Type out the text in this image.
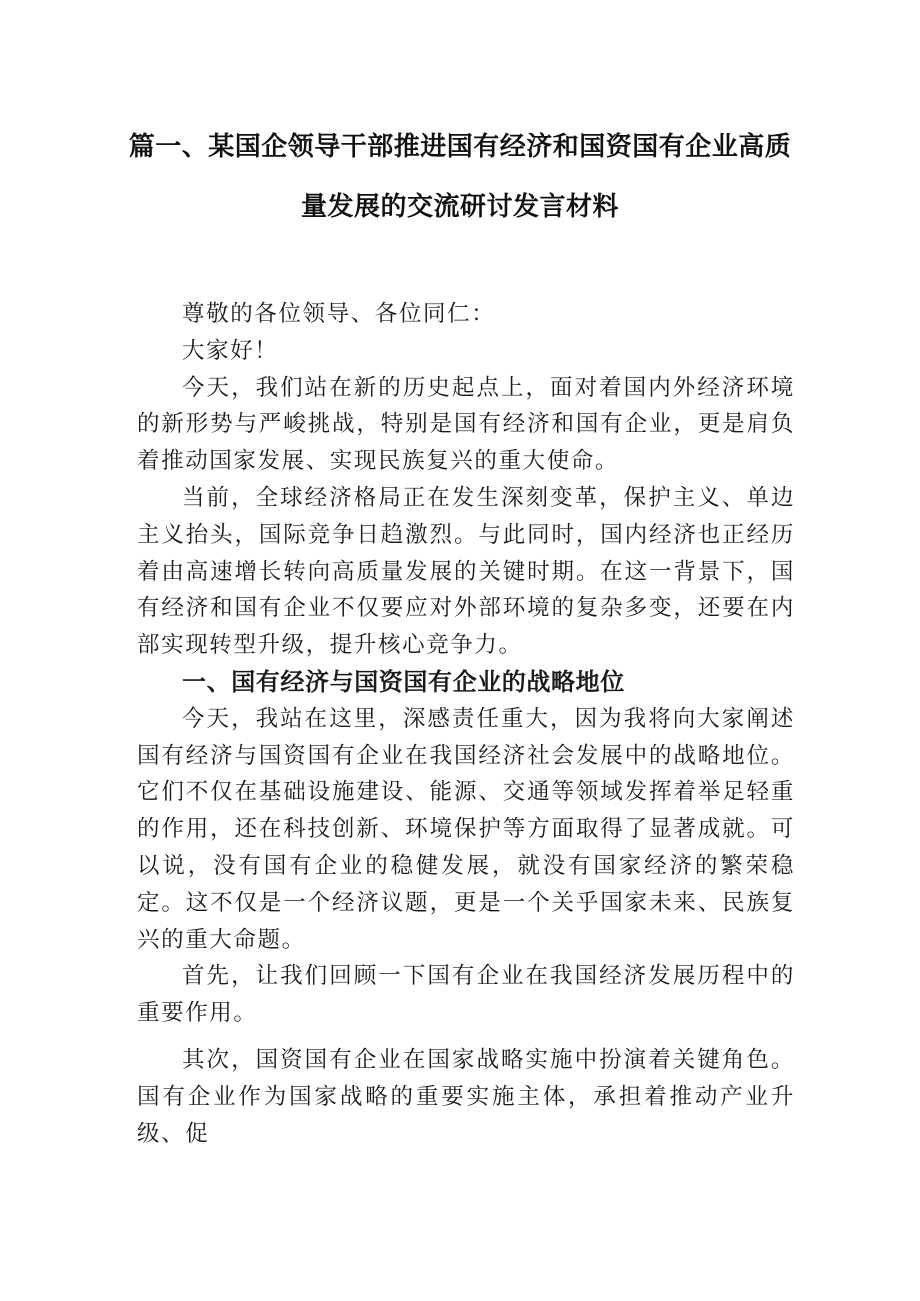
篇一、某国企领导干部推进国有经济和国资国有企业高质
量发展的交流研讨发言材料

尊敬的各位领导、各位同仁：

大家好！

今天，我们站在新的历史起点上，面对着国内外经济环境的新形势与严峻挑战，特别是国有经济和国有企业，更是肩负着推动国家发展、实现民族复兴的重大使命。

当前，全球经济格局正在发生深刻变革，保护主义、单边主义抬头，国际竞争日趋激烈。与此同时，国内经济也正经历着由高速增长转向高质量发展的关键时期。在这一背景下，国有经济和国有企业不仅要应对外部环境的复杂多变，还要在内部实现转型升级，提升核心竞争力。

一、国有经济与国资国有企业的战略地位

今天，我站在这里，深感责任重大，因为我将向大家阐述国有经济与国资国有企业在我国经济社会发展中的战略地位。它们不仅在基础设施建设、能源、交通等领域发挥着举足轻重的作用，还在科技创新、环境保护等方面取得了显著成就。可以说，没有国有企业的稳健发展，就没有国家经济的繁荣稳定。这不仅是一个经济议题，更是一个关乎国家未来、民族复兴的重大命题。

首先，让我们回顾一下国有企业在我国经济发展历程中的重要作用。

其次，国资国有企业在国家战略实施中扮演着关键角色。国有企业作为国家战略的重要实施主体，承担着推动产业升级、促
